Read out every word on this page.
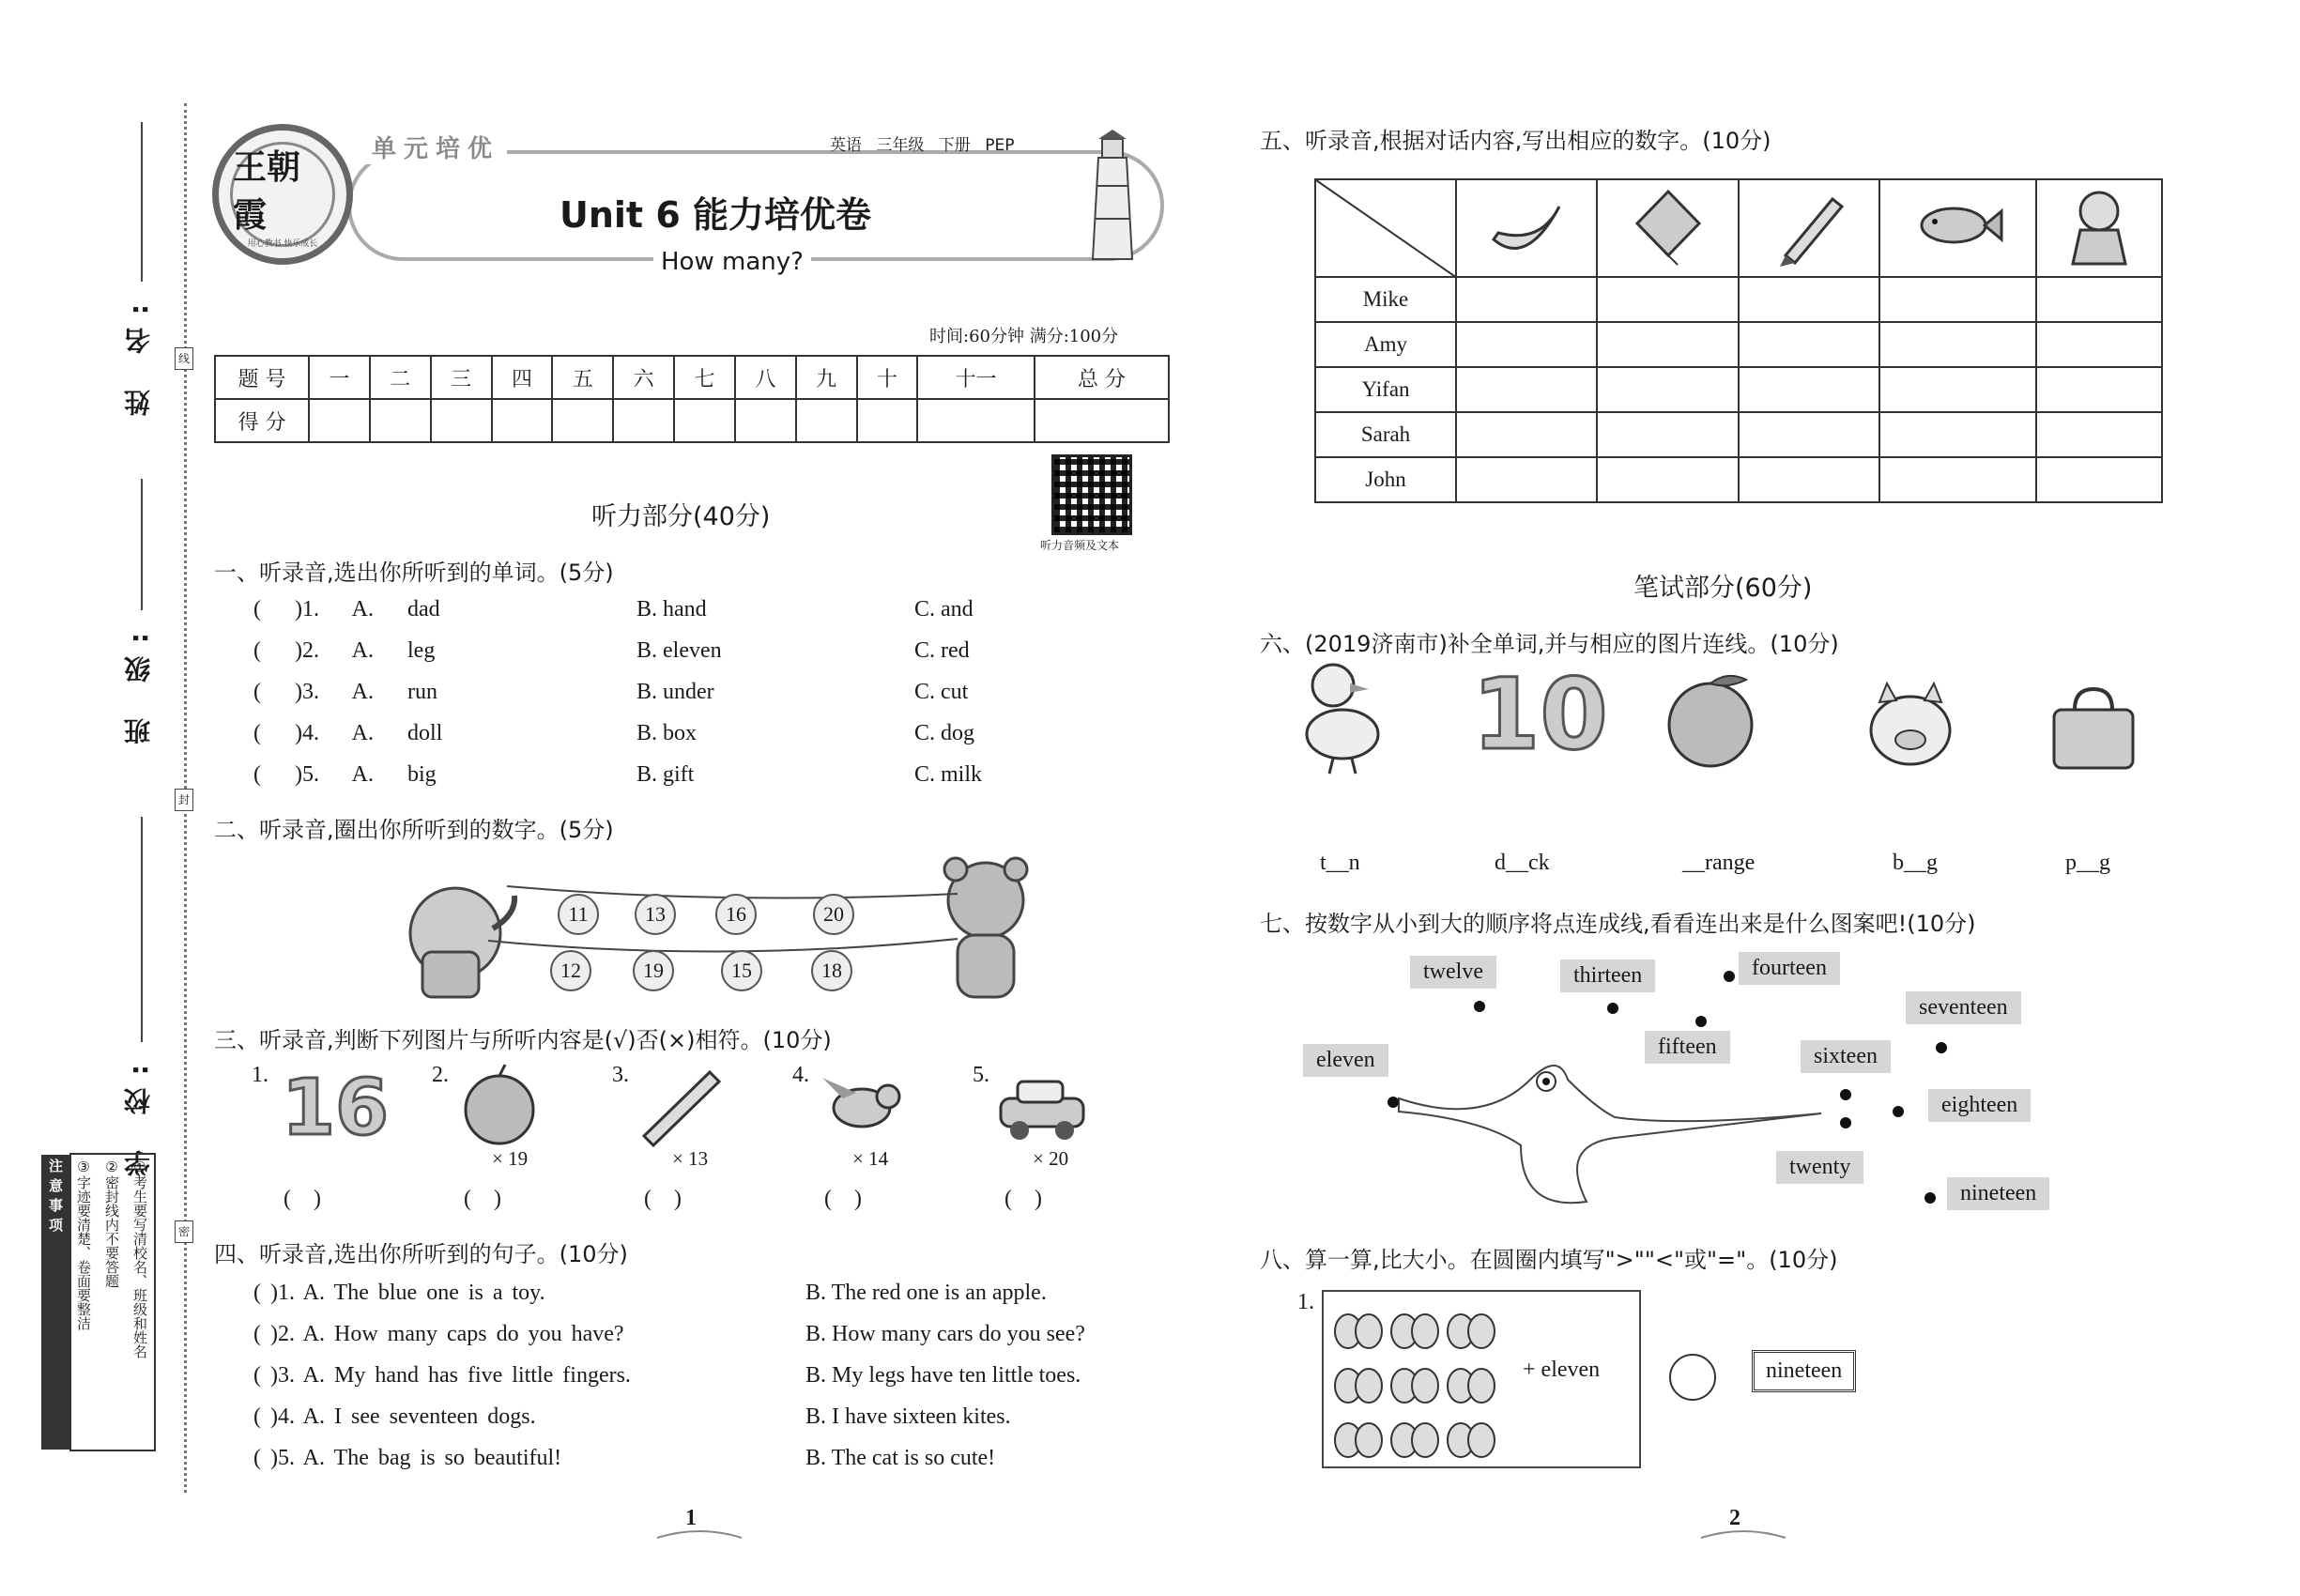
姓 名:
班 级:
学 校:
线
封
密
①考生要写清校名、班级和姓名
②密封线内不要答题
③字迹要清楚、卷面要整洁
注意事项
王朝霞
用心教书 快乐成长
单元培优	英语 三年级 下册 PEP
Unit 6 能力培优卷
How many?
时间:60分钟 满分:100分
题 号	一	二	三	四	五	六	七	八	九	十	十一	总 分
得 分												
听力部分(40分)
听力音频及文本
一、听录音,选出你所听到的单词。(5分)
( )1. A. dad	B. hand	C. and
( )2. A. leg	B. eleven	C. red
( )3. A. run	B. under	C. cut
( )4. A. doll	B. box	C. dog
( )5. A. big	B. gift	C. milk
二、听录音,圈出你所听到的数字。(5分)
11	13	16	20
12	19	15	18
三、听录音,判断下列图片与所听内容是(√)否(×)相符。(10分)
1. 16
(    )
2.
× 19
(    )
3.
× 13
(    )
4.
× 14
(    )
5.
× 20
(    )
四、听录音,选出你所听到的句子。(10分)
( )1. A. The blue one is a toy.	B. The red one is an apple.
( )2. A. How many caps do you have?	B. How many cars do you see?
( )3. A. My hand has five little fingers.	B. My legs have ten little toes.
( )4. A. I see seventeen dogs.	B. I have sixteen kites.
( )5. A. The bag is so beautiful!	B. The cat is so cute!
1
五、听录音,根据对话内容,写出相应的数字。(10分)

Mike					
Amy					
Yifan					
Sarah					
John					
笔试部分(60分)
六、(2019济南市)补全单词,并与相应的图片连线。(10分)
10
t__n	d__ck	__range	b__g	p__g
七、按数字从小到大的顺序将点连成线,看看连出来是什么图案吧!(10分)
twelve	thirteen	fourteen
seventeen
fifteen	sixteen
eleven
eighteen
twenty
nineteen
八、算一算,比大小。在圆圈内填写">""<"或"="。(10分)
1.
+ eleven	nineteen
2
